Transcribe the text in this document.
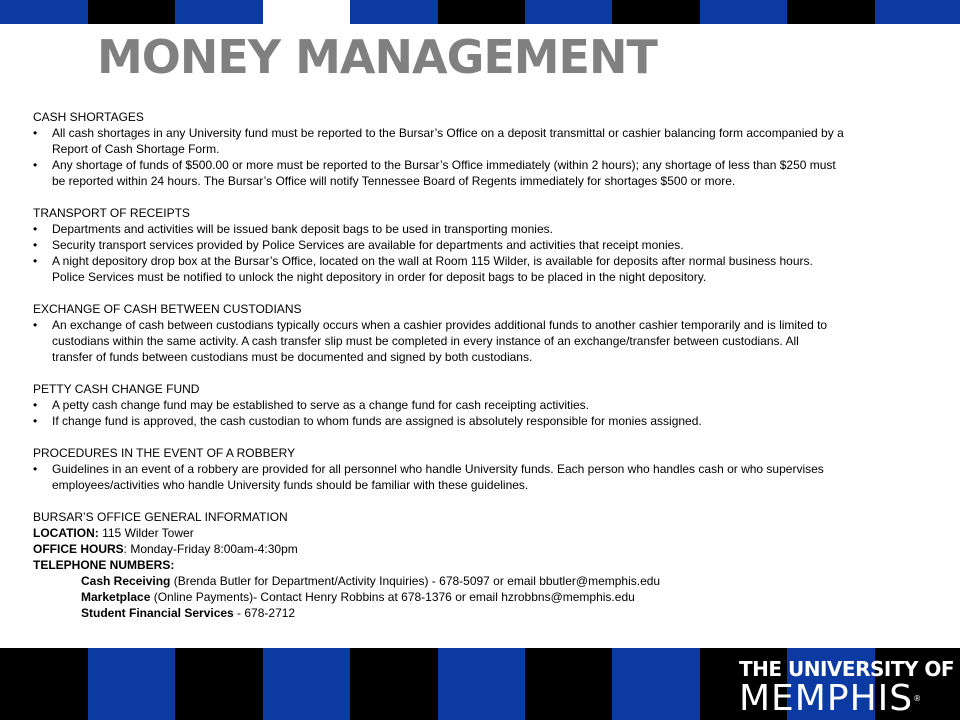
MONEY MANAGEMENT

CASH SHORTAGES

• All cash shortages in any University fund must be reported to the Bursar’s Office on a deposit transmittal or cashier balancing form accompanied by a
Report of Cash Shortage Form.
• Any shortage of funds of $500.00 or more must be reported to the Bursar’s Office immediately (within 2 hours); any shortage of less than $250 must
be reported within 24 hours. The Bursar’s Office will notify Tennessee Board of Regents immediately for shortages $500 or more.

TRANSPORT OF RECEIPTS

• Departments and activities will be issued bank deposit bags to be used in transporting monies.
• Security transport services provided by Police Services are available for departments and activities that receipt monies.
• A night depository drop box at the Bursar’s Office, located on the wall at Room 115 Wilder, is available for deposits after normal business hours.
Police Services must be notified to unlock the night depository in order for deposit bags to be placed in the night depository.

EXCHANGE OF CASH BETWEEN CUSTODIANS

• An exchange of cash between custodians typically occurs when a cashier provides additional funds to another cashier temporarily and is limited to
custodians within the same activity. A cash transfer slip must be completed in every instance of an exchange/transfer between custodians. All
transfer of funds between custodians must be documented and signed by both custodians.

PETTY CASH CHANGE FUND

• A petty cash change fund may be established to serve as a change fund for cash receipting activities.
• If change fund is approved, the cash custodian to whom funds are assigned is absolutely responsible for monies assigned.

PROCEDURES IN THE EVENT OF A ROBBERY

• Guidelines in an event of a robbery are provided for all personnel who handle University funds. Each person who handles cash or who supervises
employees/activities who handle University funds should be familiar with these guidelines.

BURSAR’S OFFICE GENERAL INFORMATION

LOCATION: 115 Wilder Tower

OFFICE HOURS: Monday-Friday 8:00am-4:30pm

TELEPHONE NUMBERS:

Cash Receiving (Brenda Butler for Department/Activity Inquiries) - 678-5097 or email bbutler@memphis.edu

Marketplace (Online Payments)- Contact Henry Robbins at 678-1376 or email hzrobbns@memphis.edu

Student Financial Services - 678-2712

THE UNIVERSITY OF
MEMPHIS®
